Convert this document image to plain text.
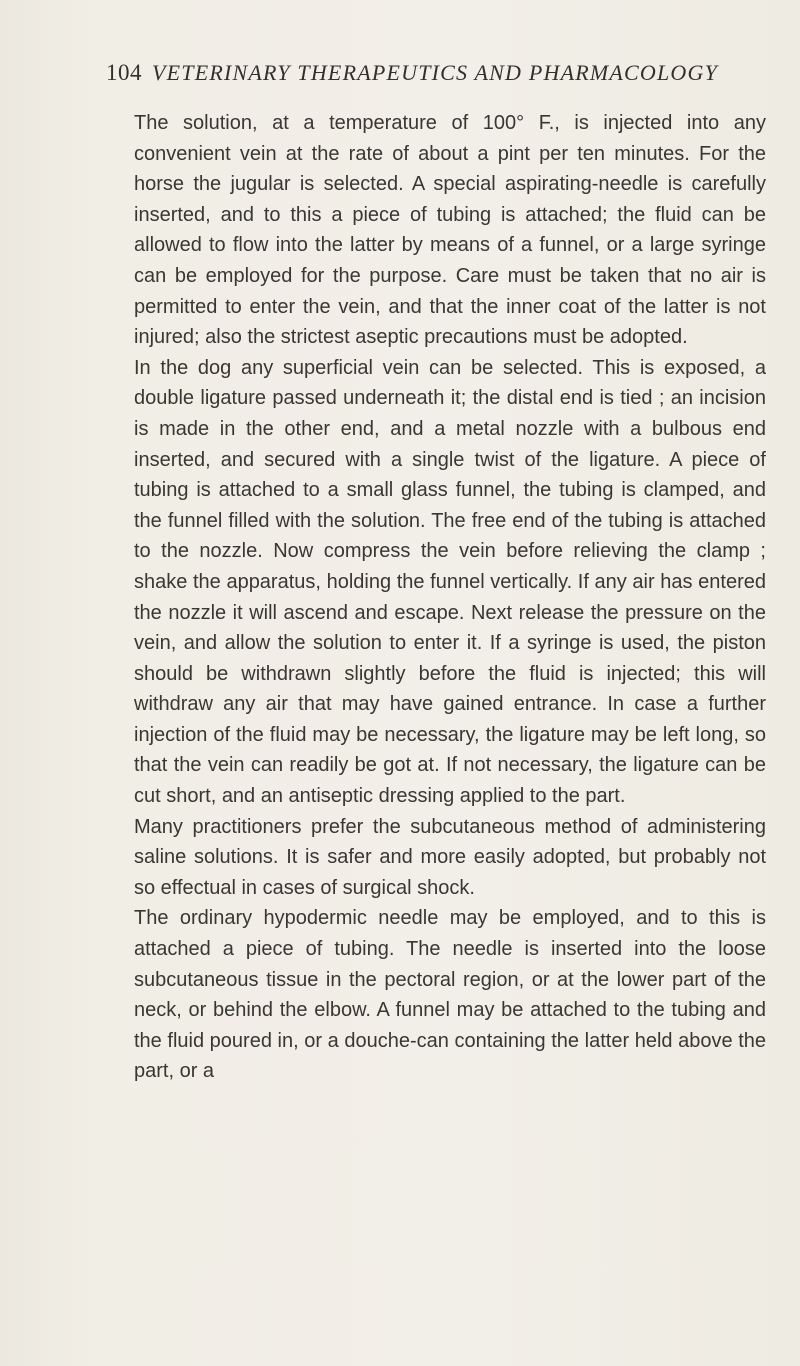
104 VETERINARY THERAPEUTICS AND PHARMACOLOGY

The solution, at a temperature of 100° F., is injected into any convenient vein at the rate of about a pint per ten minutes. For the horse the jugular is selected. A special aspirating-needle is carefully inserted, and to this a piece of tubing is attached; the fluid can be allowed to flow into the latter by means of a funnel, or a large syringe can be employed for the purpose. Care must be taken that no air is permitted to enter the vein, and that the inner coat of the latter is not injured; also the strictest aseptic precautions must be adopted.

In the dog any superficial vein can be selected. This is exposed, a double ligature passed underneath it; the distal end is tied ; an incision is made in the other end, and a metal nozzle with a bulbous end inserted, and secured with a single twist of the ligature. A piece of tubing is attached to a small glass funnel, the tubing is clamped, and the funnel filled with the solution. The free end of the tubing is attached to the nozzle. Now compress the vein before relieving the clamp ; shake the apparatus, holding the funnel vertically. If any air has entered the nozzle it will ascend and escape. Next release the pressure on the vein, and allow the solution to enter it. If a syringe is used, the piston should be withdrawn slightly before the fluid is injected; this will withdraw any air that may have gained entrance. In case a further injection of the fluid may be necessary, the ligature may be left long, so that the vein can readily be got at. If not necessary, the ligature can be cut short, and an antiseptic dressing applied to the part.

Many practitioners prefer the subcutaneous method of administering saline solutions. It is safer and more easily adopted, but probably not so effectual in cases of surgical shock.

The ordinary hypodermic needle may be employed, and to this is attached a piece of tubing. The needle is inserted into the loose subcutaneous tissue in the pectoral region, or at the lower part of the neck, or behind the elbow. A funnel may be attached to the tubing and the fluid poured in, or a douche-can containing the latter held above the part, or a
